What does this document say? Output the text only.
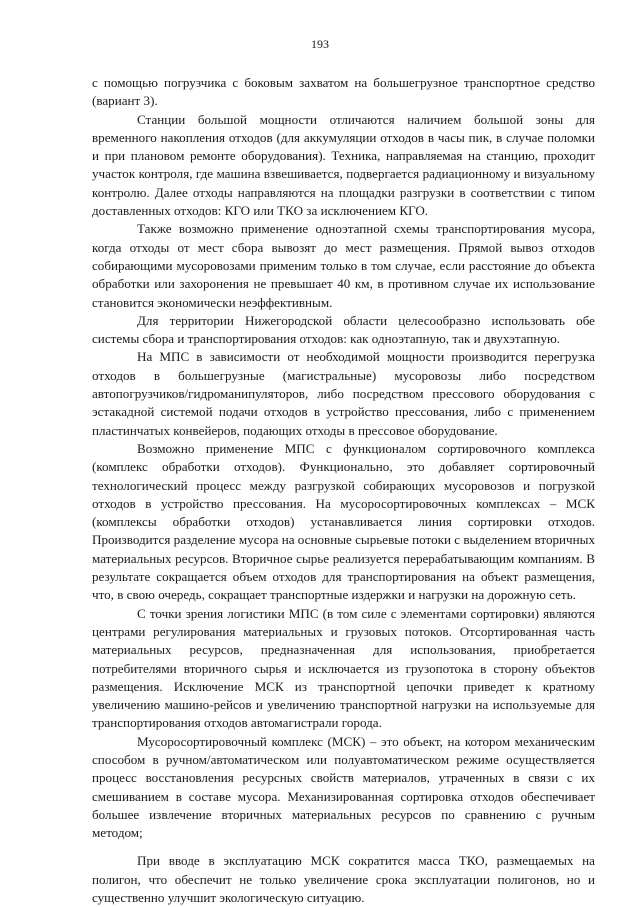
193

с помощью погрузчика с боковым захватом на большегрузное транспортное средство (вариант 3).

Станции большой мощности отличаются наличием большой зоны для временного накопления отходов (для аккумуляции отходов в часы пик, в случае поломки и при плановом ремонте оборудования). Техника, направляемая на станцию, проходит участок контроля, где машина взвешивается, подвергается радиационному и визуальному контролю. Далее отходы направляются на площадки разгрузки в соответствии с типом доставленных отходов: КГО или ТКО за исключением КГО.

Также возможно применение одноэтапной схемы транспортирования мусора, когда отходы от мест сбора вывозят до мест размещения. Прямой вывоз отходов собирающими мусоровозами применим только в том случае, если расстояние до объекта обработки или захоронения не превышает 40 км, в противном случае их использование становится экономически неэффективным.

Для территории Нижегородской области целесообразно использовать обе системы сбора и транспортирования отходов: как одноэтапную, так и двухэтапную.

На МПС в зависимости от необходимой мощности производится перегрузка отходов в большегрузные (магистральные) мусоровозы либо посредством автопогрузчиков/гидроманипуляторов, либо посредством прессового оборудования с эстакадной системой подачи отходов в устройство прессования, либо с применением пластинчатых конвейеров, подающих отходы в прессовое оборудование.

Возможно применение МПС с функционалом сортировочного комплекса (комплекс обработки отходов). Функционально, это добавляет сортировочный технологический процесс между разгрузкой собирающих мусоровозов и погрузкой отходов в устройство прессования. На мусоросортировочных комплексах – МСК (комплексы обработки отходов) устанавливается линия сортировки отходов. Производится разделение мусора на основные сырьевые потоки с выделением вторичных материальных ресурсов. Вторичное сырье реализуется перерабатывающим компаниям. В результате сокращается объем отходов для транспортирования на объект размещения, что, в свою очередь, сокращает транспортные издержки и нагрузки на дорожную сеть.

С точки зрения логистики МПС (в том силе с элементами сортировки) являются центрами регулирования материальных и грузовых потоков. Отсортированная часть материальных ресурсов, предназначенная для использования, приобретается потребителями вторичного сырья и исключается из грузопотока в сторону объектов размещения. Исключение МСК из транспортной цепочки приведет к кратному увеличению машино-рейсов и увеличению транспортной нагрузки на используемые для транспортирования отходов автомагистрали города.

Мусоросортировочный комплекс (МСК) – это объект, на котором механическим способом в ручном/автоматическом или полуавтоматическом режиме осуществляется процесс восстановления ресурсных свойств материалов, утраченных в связи с их смешиванием в составе мусора. Механизированная сортировка отходов обеспечивает большее извлечение вторичных материальных ресурсов по сравнению с ручным методом;

При вводе в эксплуатацию МСК сократится масса ТКО, размещаемых на полигон, что обеспечит не только увеличение срока эксплуатации полигонов, но и существенно улучшит экологическую ситуацию.
